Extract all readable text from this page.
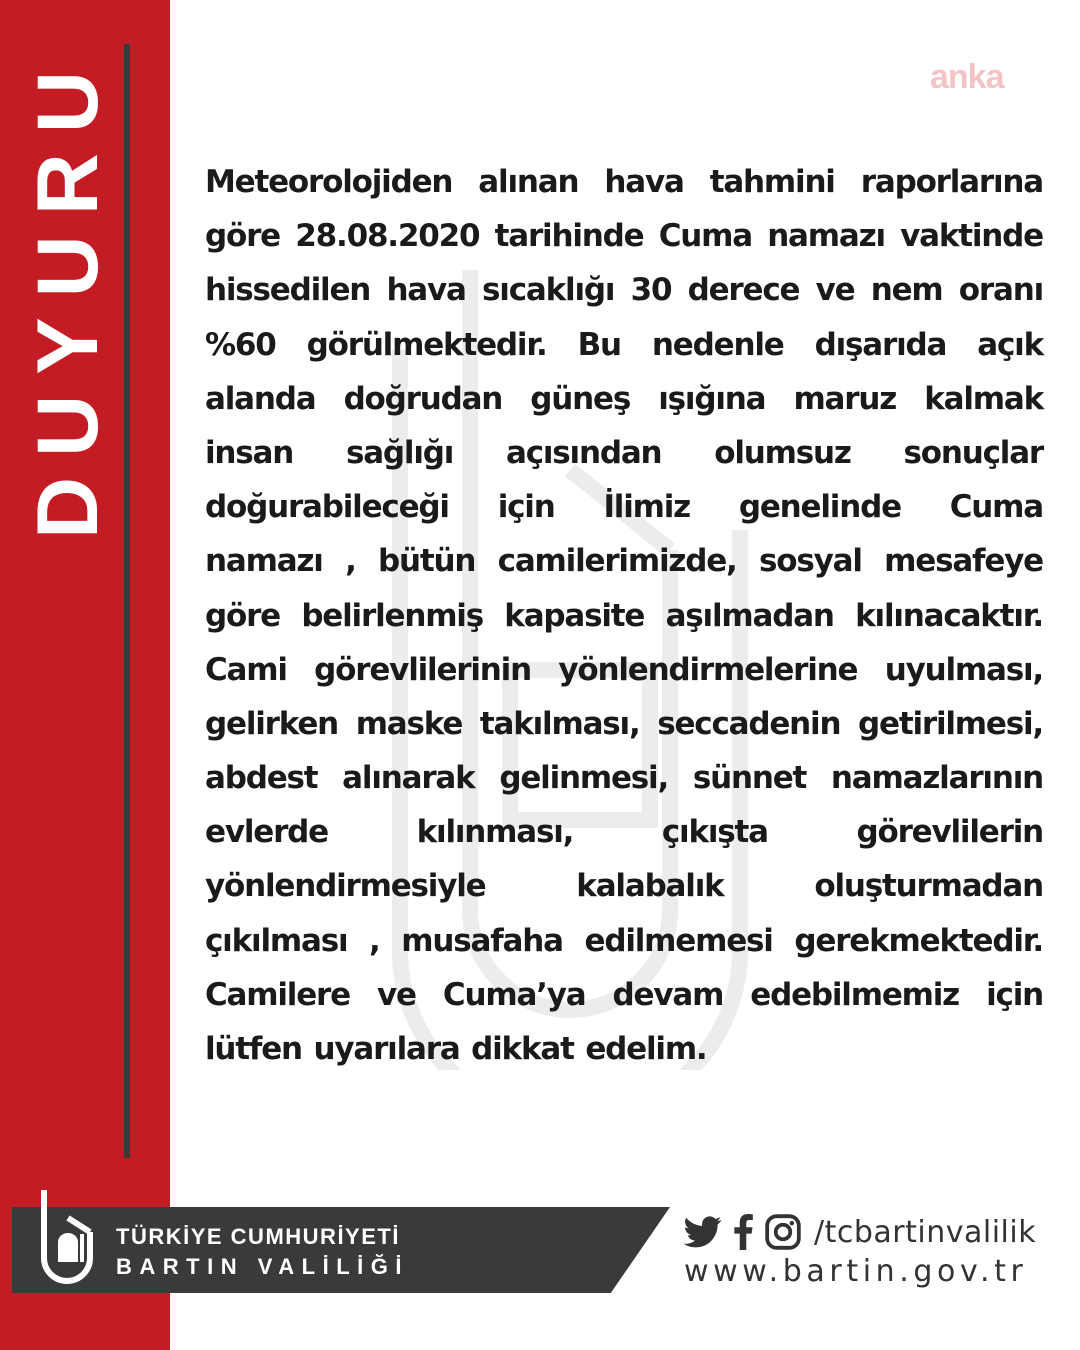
DUYURU	anka
Meteorolojiden alınan hava tahmini raporlarına
göre 28.08.2020 tarihinde Cuma namazı vaktinde
hissedilen hava sıcaklığı 30 derece ve nem oranı
%60 görülmektedir. Bu nedenle dışarıda açık
alanda doğrudan güneş ışığına maruz kalmak
insan sağlığı açısından olumsuz sonuçlar
doğurabileceği için İlimiz genelinde Cuma
namazı , bütün camilerimizde, sosyal mesafeye
göre belirlenmiş kapasite aşılmadan kılınacaktır.
Cami görevlilerinin yönlendirmelerine uyulması,
gelirken maske takılması, seccadenin getirilmesi,
abdest alınarak gelinmesi, sünnet namazlarının
evlerde kılınması, çıkışta görevlilerin
yönlendirmesiyle kalabalık oluşturmadan
çıkılması , musafaha edilmemesi gerekmektedir.
Camilere ve Cuma’ya devam edebilmemiz için
lütfen uyarılara dikkat edelim.
TÜRKİYE CUMHURİYETİ
BARTIN VALİLİĞİ
/tcbartinvalilik
www.bartin.gov.tr
